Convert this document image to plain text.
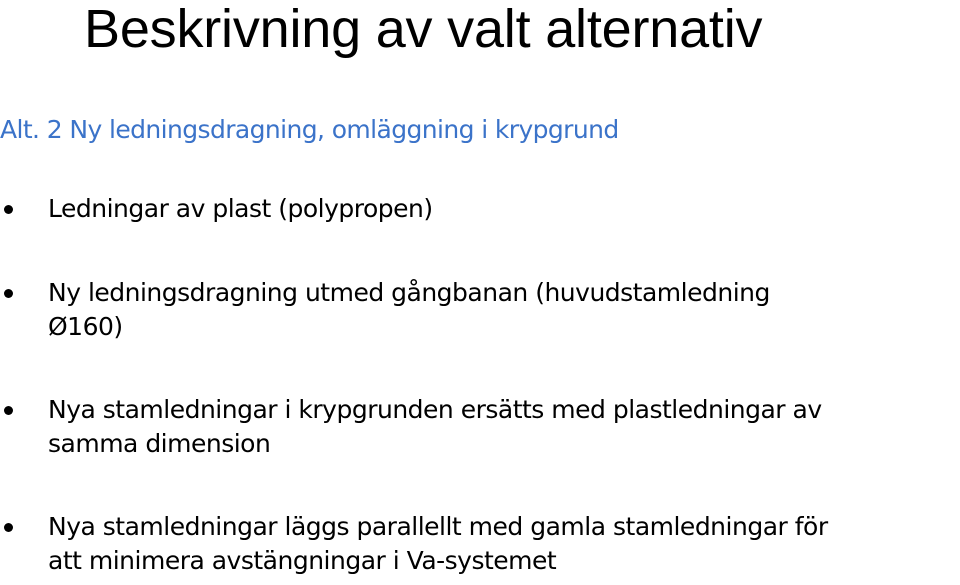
Beskrivning av valt alternativ
Alt. 2 Ny ledningsdragning, omläggning i krypgrund

Ledningar av plast (polypropen)

Ny ledningsdragning utmed gångbanan (huvudstamledning
Ø160)

Nya stamledningar i krypgrunden ersätts med plastledningar av
samma dimension

Nya stamledningar läggs parallellt med gamla stamledningar för
att minimera avstängningar i Va-systemet
